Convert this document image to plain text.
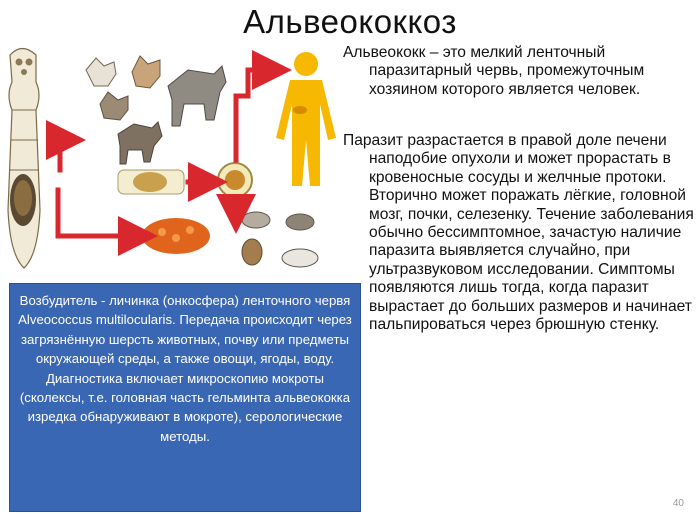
Альвеококкоз

Альвеококк – это мелкий ленточный паразитарный червь, промежуточным хозяином которого является человек.

Паразит разрастается в правой доле печени наподобие опухоли и может прорастать в кровеносные сосуды и желчные протоки. Вторично может поражать лёгкие, головной мозг, почки, селезенку. Течение заболевания обычно бессимптомное, зачастую наличие паразита выявляется случайно, при ультразвуковом исследовании. Симптомы появляются лишь тогда, когда паразит вырастает до больших размеров и начинает пальпироваться через брюшную стенку.

Возбудитель - личинка (онкосфера) ленточного червя Alveococcus multilocularis. Передача происходит через загрязнённую шерсть животных, почву или предметы окружающей среды, а также овощи, ягоды, воду. Диагностика включает микроскопию мокроты (сколексы, т.е. головная часть гельминта альвеококка изредка обнаруживают в мокроте), серологические методы.
40
